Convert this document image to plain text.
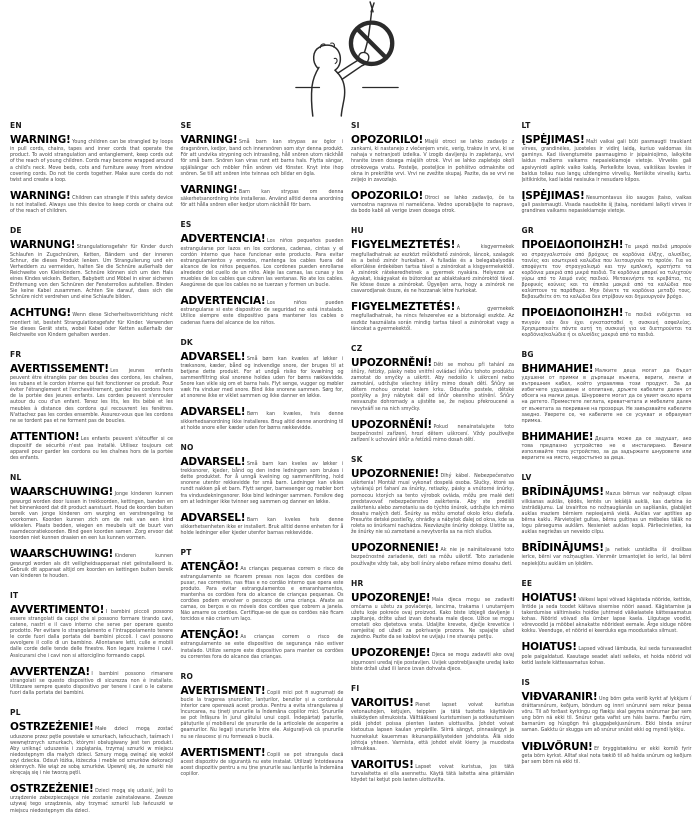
EN

WARNING! Young children can be strangled by loops in pull cords, chains, tapes and inner cords that operate the product. To avoid strangulation and entanglement, keep cords out of the reach of young children. Cords may become wrapped around a child's neck. Move beds, cots and furniture away from window covering cords. Do not tie cords together. Make sure cords do not twist and create a loop.

WARNING! Children can strangle if this safety device is not installed. Always use this device to keep cords or chains out of the reach of children.

DE

WARNUNG! Strangulationsgefahr für Kinder durch Schlaufen in Zugschnüren, Ketten, Bändern und der inneren Schnur, die dieses Produkt lenken. Um Strangulierung und ein Verheddern zu vermeiden, halten Sie die Schnüre außerhalb der Reichweite von Kleinkindern. Schnüre können sich um den Hals eines Kindes wickeln. Betten, Babybett und Möbel in einer sicheren Entfernung von den Schnüren der Fensterrollos aufstellen. Binden Sie keine Kabel zusammen. Achten Sie darauf, dass sich die Schnüre nicht verdrehen und eine Schlaufe bilden.

ACHTUNG! Wenn diese Sicherheitsvorrichtung nicht montiert ist, besteht Strangulationsgefahr für Kinder. Verwenden Sie dieses Gerät stets, wobei Kabel oder Ketten außerhalb der Reichweite von Kindern gehalten werden.

FR

AVERTISSEMENT! Les jeunes enfants peuvent être étranglés par des boucles des cordons, les chaînes, les rubans et le cordon interne qui fait fonctionner ce produit. Pour éviter l'étranglement et l'enchevêtrement, gardez les cordons hors de la portée des jeunes enfants. Les cordes peuvent s'enrouler autour du cou d'un enfant. Tenez les lits, les lits bébé et les meubles à distance des cordons qui recouvrent les fenêtres. N'attachez pas les cordes ensemble. Assurez-vous que les cordons ne se tordent pas et ne forment pas de boucles.

ATTENTION! Les enfants peuvent s'étouffer si ce dispositif de sécurité n'est pas installé. Utilisez toujours cet appareil pour garder les cordons ou les chaînes hors de la portée des enfants.

NL

WAARSCHUWING! Jonge kinderen kunnen gewurgd worden door lussen in trekkoorden, kettingen, banden en het binnenkoord dat dit product aanstuurt. Houd de koorden buiten bereik van jonge kinderen om wurging en verstrengeling te voorkomen. Koorden kunnen zich om de nek van een kind wikkelen. Plaats bedden, wiegen en meubels uit de buurt van raamdecoratiekoorden. Bind geen koorden samen. Zorg ervoor dat koorden niet kunnen draaien en een lus kunnen vormen.

WAARSCHUWING! Kinderen kunnen gewurgd worden als dit veiligheidsapparaat niet geïnstalleerd is. Gebruik dit apparaat altijd om koorden en kettingen buiten bereik van kinderen te houden.

IT

AVVERTIMENTO! I bambini piccoli possono essere strangolati da cappi che si possono formare tirando cavi, catene, nastri e il cavo interno che serve per operare questo prodotto. Per evitare lo strangolamento e l'intrappolamento tenere le corde fuori dalla portata dei bambini piccoli. I cavi possono avvolgere il collo di un bambino. Allontanare letti, culle e mobili dalle corde delle tende delle finestre. Non legare insieme i cavi. Assicurarsi che i cavi non si attorciglino formando cappi.

AVVERTENZA! I bambini possono rimanere strangolati se questo dispositivo di sicurezza non è installato. Utilizzare sempre questo dispositivo per tenere i cavi o le catene fuori dalla portata dei bambini.

PL

OSTRZEŻENIE! Małe dzieci mogą zostać uduszone przez pętle powstałe w sznurkach, łańcuchach, taśmach i wewnętrznych sznurkach, którymi obsługiwany jest ten produkt. Aby uniknąć uduszenia i zaplątania, trzymaj sznurki w miejscu niedostępnym dla małych dzieci. Sznury mogą owinąć się wokół szyi dziecka. Odsuń łóżka, łóżeczka i meble od sznurków dekoracji okiennych. Nie wiąż ze sobą sznurków. Upewnij się, że sznurki nie skręcają się i nie tworzą pętli.

OSTRZEŻENIE! Dzieci mogą się udusić, jeśli to urządzenie zabezpieczające nie zostanie zainstalowane. Zawsze używaj tego urządzenia, aby trzymać sznurki lub łańcuszki w miejscu niedostępnym dla dzieci.

SE

VARNING! Små barn kan strypas av öglor i dragsnören, kedjor, band och innersnören som styr denna produkt. För att undvika strypning och intrassling, håll snören utom räckhåll för små barn. Snören kan viras runt ett barns hals. Flytta sängar, spjälsängar och möbler från snören vid fönster. Knyt inte ihop snören. Se till att snören inte tvinnas och bildar en ögla.

VARNING! Barn kan strypas om denna säkerhetsanordning inte installeras. Använd alltid denna anordning för att hålla snören eller kedjor utom räckhåll för barn.

ES

ADVERTENCIA! Los niños pequeños pueden estrangularse por lazos en los cordones, cadenas, cintas y el cordón interno que hace funcionar este producto. Para evitar estrangulamientos y enredos, mantenga los cables fuera del alcance de los niños pequeños. Los cordones pueden enrollarse alrededor del cuello de un niño. Aleje las camas, las cunas y los muebles de los cables que cubren las ventanas. No ate los cables. Asegúrese de que los cables no se tuerzan y formen un bucle.

ADVERTENCIA! Los niños pueden estrangularse si este dispositivo de seguridad no está instalado. Utilice siempre este dispositivo para mantener los cables o cadenas fuera del alcance de los niños.

DK

ADVARSEL! Små børn kan kvæles af løkker i træksnore, kæder, bånd og indvendige snore, der bruges til at betjene dette produkt. For at undgå risiko for kvælning og sammenfiltring skal snorene holdes uden for børns rækkevidde. Snore kan vikle sig om et barns hals. Flyt senge, vugger og møbler væk fra vinduer med snore. Bind ikke snorene sammen. Sørg for, at snorene ikke er viklet sammen og ikke danner en løkke.

ADVARSEL! Børn kan kvæles, hvis denne sikkerhedsanordning ikke installeres. Brug altid denne anordning til at holde snore eller kæder uden for børns rækkevidde.

NO

ADVARSEL! Små barn kan kveles av løkker i trekksnorer, kjeder, bånd og den indre ledningen som brukes i dette produktet. For å unngå kvelning og sammenfiltring, hold snorene utenfor rekkevidde for små barn. Ledninger kan vikles rundt nakken på et barn. Flytt senger, barnesenger og møbler bort fra vindusdekningsnorer. Ikke bind ledninger sammen. Forsikre deg om at ledninger ikke tvinner seg sammen og danner en løkke.

ADVARSEL! Barn kan kveles hvis denne sikkerhetsenheten ikke er installert. Bruk alltid denne enheten for å holde ledninger eller kjeder utenfor barnas rekkevidde.

PT

ATENÇÃO! As crianças pequenas correm o risco de estrangulamento se ficarem presas nos laços dos cordões de puxar, nas correntes, nas fitas e no cordão interno que opera este produto. Para evitar estrangulamentos e emaranhamentos, mantenha os cordões fora do alcance de crianças pequenas. Os cordões podem envolver o pescoço de uma criança. Afaste as camas, os berços e os móveis dos cordões que cobrem a janela. Não amarre os cordões. Certifique-se de que os cordões não ficam torcidos e não criam um laço.

ATENÇÃO! As crianças correm o risco de estrangulamento se este dispositivo de segurança não estiver instalado. Utilize sempre este dispositivo para manter os cordões ou correntes fora do alcance das crianças.

RO

AVERTISMENT! Copiii mici pot fi sugrumați de bucle la tragerea șnururilor, lanțurilor, benzilor și a cordonului interior care operează acest produs. Pentru a evita strangularea și încurcarea, nu țineți șnururile la îndemâna copiilor mici. Șnururile se pot înfășura în jurul gâtului unui copil. Îndepărtați paturile, pătuțurile și mobilierul de șnururile de la articolele de acoperire a geamurilor. Nu legați șnururile între ele. Asigurați-vă că șnururile nu se răsucesc și nu formează o buclă.

AVERTISMENT! Copiii se pot strangula dacă acest dispozitiv de siguranță nu este instalat. Utilizați întotdeauna acest dispozitiv pentru a nu ține șnururile sau lanțurile la îndemâna copiilor.

SI

OPOZORILO! Mlajši otroci se lahko zadavijo z zankami, ki nastanejo z vlečenjem vrvic, verig, trakov in vrvi, ki se nahaja v notranjosti izdelka. V izogib davljenju in zapletanju, vrvi hranite izven dosega mlajših otrok. Vrvi se lahko zapletejo okoli otrokovega vratu. Postelje, posteljice in pohištvo odmaknite od okna in prekrižite vrvi. Vrvi ne zvežite skupaj. Pazite, da se vrvi ne zvijejo in zavozlajo.

OPOZORILO! Otroci se lahko zadavijo, če ta varnostna naprava ni nameščena. Vedno uporabljajte to napravo, da bodo kabli ali verige izven dosega otrok.

HU

FIGYELMEZTETÉS! A kisgyermekek megfulladhatnak az eszközt működtető zsinórok, láncok, szalagok és a belső zsinór hurkaiban. A fulladás és a belegabalyodás elkerülése érdekében tartsa távol a zsinórokat a kisgyermekektől. A zsinórok rátekeredhetnek a gyermek nyakára. Helyezze az ágyakat, kiságyakat és bútorokat az ablaktakaró zsinóroktól távol. Ne kösse össze a zsinórokat. Ügyeljen arra, hogy a zsinórok ne csavarodjanak össze, és ne hozzanak létre hurkokat.

FIGYELMEZTETÉS! A gyermekek megfulladhatnak, ha nincs felszerelve ez a biztonsági eszköz. Az eszköz használata során mindig tartsa távol a zsinórokat vagy a láncokat a gyermekektől.

CZ

UPOZORNĚNÍ! Děti se mohou při tahání za šňůry, řetízky, pásky nebo vnitřní ovládací šňůru tohoto produktu zamotat do smyčky a uškrtit. Aby nedošlo k uškrcení nebo zamotání, udržujte všechny šňůry mimo dosah dětí. Šňůry se dětem mohou omotat kolem krku. Odsuňte postele, dětské postýlky a jiný nábytek dál od šňůr okenního stínění. Šňůry nesvazujte dohromady a ujistěte se, že nejsou překroucené a nevytváří se na nich smyčky.

UPOZORNĚNÍ! Pokud nenainstalujete toto bezpečnostní zařízení, hrozí dětem uškrcení. Vždy používejte zařízení k uchování šňůr a řetízků mimo dosah dětí.

SK

UPOZORNENIE! Dlhý kábel. Nebezpečenstvo uškrtenia! Montáž musí vykonať dospelá osoba. Slučky, ktoré sa vytvárajú pri ťahaní za šnúrky, retiazky, pásky a vnútorné šnúrky, pomocou ktorých sa tento výrobok ovláda, môžu pre malé deti predstavovať nebezpečenstvo zaškrtenia. Aby ste predišli zaškrteniu alebo zamotaniu sa do týchto šnúrok, udržujte ich mimo dosahu malých detí. Šnúrky sa môžu omotať okolo krku dieťaťa. Presuňte detské postieľky, ohrádky a nábytok ďalej od okna, kde sa roleta so šnúrkami nachádza. Nezväzujte šnúrky dokopy. Uistite sa, že šnúrky nie sú zamotané a nevytvorila sa na nich slučka.

UPOZORNENIE! Ak nie je nainštalované toto bezpečnostné zariadenie, deti sa môžu uškrtiť. Toto zariadenie používajte vždy tak, aby boli šnúry alebo reťaze mimo dosahu detí.

HR

UPOZORENJE! Mala djeca mogu se zadaviti omčama u užetu za povlačenje, lancima, trakama i unutarnjem užetu koje pokreće ovaj proizvod. Kako biste izbjegli davljenje i zaplitanje, držite užad izvan dohvata male djece. Užice se mogu omotati oko djetetova vrata. Udaljite krevete, dječje krevetiće i namještaj od užadi za pokrivanje prozora. Ne spajajte užad zajedno. Pazite da se kablovi ne uvijaju i ne stvaraju petlju.

UPOZORENJE! Djeca se mogu zadaviti ako ovaj sigurnosni uređaj nije postavljen. Uvijek upotrebljavajte uređaj kako biste držali užad ili lance izvan dohvata djece.

FI

VAROITUS! Pienet lapset voivat kuristua vetonauhojen, ketjujen, teippien ja tätä tuotetta käyttävän sisäköyden silmukoista. Välttääksesi kuristumisen ja sotkeutumisen pidä johdot poissa pienten lasten ulottuvilta. Johdot voivat kietoutua lapsen kaulan ympärille. Siirrä sängyt, pinnasängyt ja huonekalut kauemmas ikkunanpäällysteiden johdoista. Älä sido johtoja yhteen. Varmista, että johdot eivät kierry ja muodosta silmukkaa.

VAROITUS! Lapset voivat kuristua, jos tätä turvalaitetta ei olla asennettu. Käytä tätä laitetta aina pitämään köydet tai ketjut pois lasten ulottuvilta.

LT

ĮSPĖJIMAS! Maži vaikai gali būti pasmaugti traukiant virves, grandinėles, juosteles ir vidinį laidą, kuriuo valdomas šis gaminys. Kad išvengtumėte pasmaugimo ir įsipainiojimo, laikykite laidus mažiems vaikams nepasiekiamoje vietoje. Virvelės gali apsivynioti aplink vaiko kaklą. Perkelkite lovas, vaikiškas loveles ir baldus toliau nuo langų uždengimo virvelių. Neriškite virvelių kartu. Įsitikinkite, kad laidai nesisuka ir nesudaro kilpos.

ĮSPĖJIMAS! Nesumontavus šio saugos įtaiso, vaikas gali pasismaugti. Visada naudokite šį įtaisą, norėdami laikyti virves ir grandines vaikams nepasiekiamoje vietoje.

GR

ΠΡΟΕΙΔΟΠΟΙΗΣΗ! Τα μικρά παιδιά μπορούν να στραγγαλιστούν από βρόχους σε κορδόνια έλξης, αλυσίδες, ταινίες και εσωτερικά καλώδια που λειτουργούν το προϊόν. Για να αποφύγετε τον στραγγαλισμό και την εμπλοκή, κρατήστε τα κορδόνια μακριά από μικρά παιδιά. Τα κορδόνια μπορεί να τυλιχτούν γύρω από το λαιμό ενός παιδιού. Μετακινήστε τα κρεβάτια, τις βρεφικές κούνιες και τα έπιπλα μακριά από τα καλώδια που καλύπτουν τα παράθυρα. Μην δένετε τα κορδόνια μεταξύ τους. Βεβαιωθείτε ότι τα καλώδια δεν στρίβουν και δημιουργούν βρόχο.

ΠΡΟΕΙΔΟΠΟΙΗΣΗ! Τα παιδιά ενδέχεται να πνιγούν εάν δεν έχει εγκατασταθεί η συσκευή ασφαλείας. Χρησιμοποιείτε πάντα αυτή τη συσκευή για να διατηρούνται τα κορδόνια/καλώδια ή οι αλυσίδες μακριά από τα παιδιά.

BG

ВНИМАНИЕ! Малките деца могат да бъдат удушени от примки в дърпащи въжета, вериги, ленти и вътрешния кабел, който управлява този продукт. За да избегнете удушаване и оплитане, дръжте кабелите далеч от обсега на малки деца. Шнуровете могат да се увият около врата на детето. Преместете леглата, креватчетата и мебелите далеч от въжетата за покриване на прозорци. Не завързвайте кабелите заедно. Уверете се, че кабелите не се усукват и образуват примка.

ВНИМАНИЕ! Децата може да се задушат, ако това предпазно устройство не е инсталирано. Винаги използвайте това устройство, за да задържате шнуровете или веригите на място, недостъпно за деца.

LV

BRĪDINĀJUMS! Mazus bērnus var nožņaugt cilpas vilkšanas auklās, ķēdēs, lentēs un iekšējā auklā, kas darbina šo izstrādājumu. Lai izvairītos no nožņaugšanās un sapīšanās, glabājiet auklas maziem bērniem nepieejamā vietā. Auklas var aptīties ap bērna kaklu. Pārvietojiet gultas, bērnu gultiņas un mēbeles tālāk no logu pārseguma auklām. Nesieniet auklas kopā. Pārliecinieties, ka auklas negriežas un neveido cilpu.

BRĪDINĀJUMS! Ja netiek uzstādīta šī drošības ierīce, bērni var nožņaugties. Vienmēr izmantojiet šo ierīci, lai bērni nepiekļūtu auklām un ķēdēm.

EE

HOIATUS! Väikesi lapsi võivad kägistada nööride, kettide, lintide ja seda toodet käitava sisemise nööri aasad. Kägistamise ja takerdumise vältimiseks hoidke juhtmeid väikelastele kättesaamatus kohas. Nöörid võivad olla ümber lapse kaela. Liigutage voodid, võrevoodid ja mööbel aknakatte nööridest eemale. Ärge siduge nööre kokku. Veenduge, et nöörid ei keerduks ega moodustaks silmust.

HOIATUS! Lapsed võivad lämbuda, kui seda turvaseadist pole paigaldatud. Kasutage seadet alati selleks, et hoida nöörid või ketid lastele kättesaamatus kohas.

IS

VIÐVARANIR! Ung börn geta verið kyrkt af lykkjum í dráttarsnúrum, keðjum, böndum og innri snúrunni sem rekur þessa vöru. Til að forðast kyrkingu og flækju skal geyma snúrurnar þar sem ung börn ná ekki til. Snúrur geta vafist um háls barns. Færðu rúm, barnarúm og húsgögn frá gluggaþekjusnúrum. Ekki binda snúrur saman. Gakktu úr skugga um að snúrur snúist ekki og myndi lykkju.

VIÐLVÖRUN! Ef öryggistækinu er ekki komið fyrir geta börn kyrkst. Alltaf skal nota tækið til að halda snúrum og keðjum þar sem börn ná ekki til.
